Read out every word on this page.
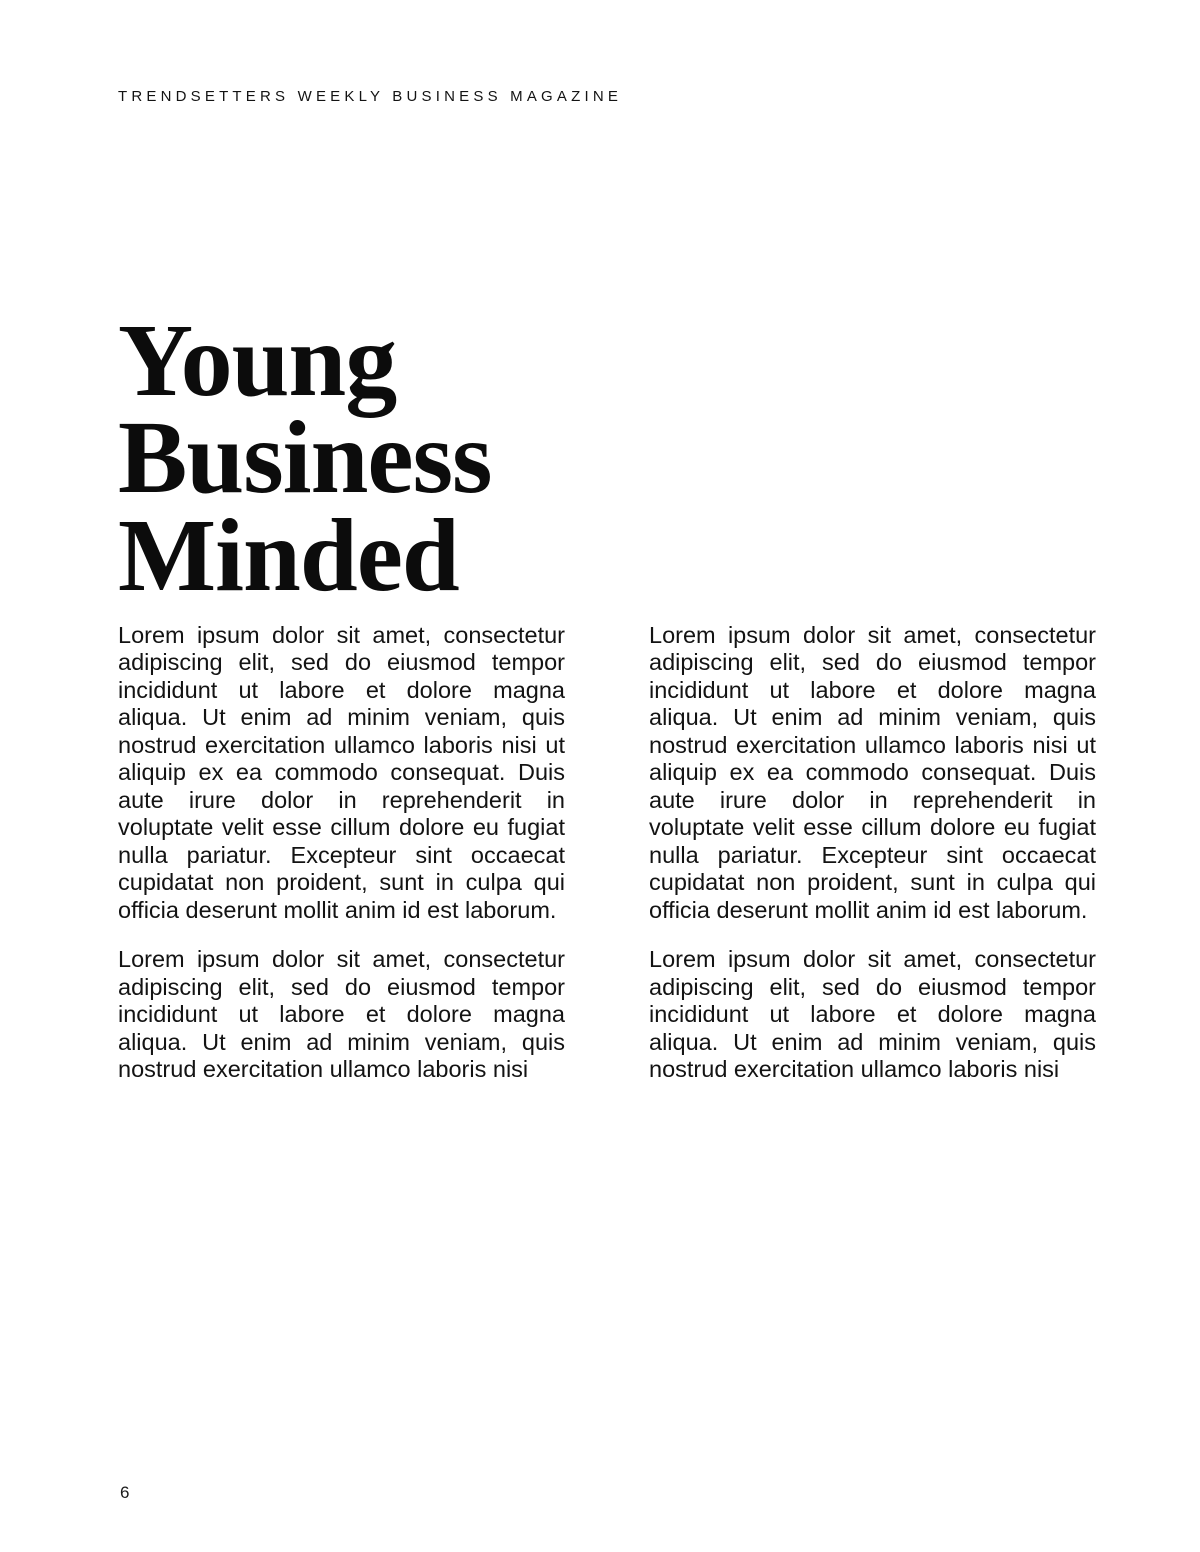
TRENDSETTERS WEEKLY BUSINESS MAGAZINE
Young
Business
Minded

Lorem ipsum dolor sit amet, consectetur adipiscing elit, sed do eiusmod tempor incididunt ut labore et dolore magna aliqua. Ut enim ad minim veniam, quis nostrud exercitation ullamco laboris nisi ut aliquip ex ea commodo consequat. Duis aute irure dolor in reprehenderit in voluptate velit esse cillum dolore eu fugiat nulla pariatur. Excepteur sint occaecat cupidatat non proident, sunt in culpa qui officia deserunt mollit anim id est laborum.

Lorem ipsum dolor sit amet, consectetur adipiscing elit, sed do eiusmod tempor incididunt ut labore et dolore magna aliqua. Ut enim ad minim veniam, quis nostrud exercitation ullamco laboris nisi

Lorem ipsum dolor sit amet, consectetur adipiscing elit, sed do eiusmod tempor incididunt ut labore et dolore magna aliqua. Ut enim ad minim veniam, quis nostrud exercitation ullamco laboris nisi ut aliquip ex ea commodo consequat. Duis aute irure dolor in reprehenderit in voluptate velit esse cillum dolore eu fugiat nulla pariatur. Excepteur sint occaecat cupidatat non proident, sunt in culpa qui officia deserunt mollit anim id est laborum.

Lorem ipsum dolor sit amet, consectetur adipiscing elit, sed do eiusmod tempor incididunt ut labore et dolore magna aliqua. Ut enim ad minim veniam, quis nostrud exercitation ullamco laboris nisi

6
